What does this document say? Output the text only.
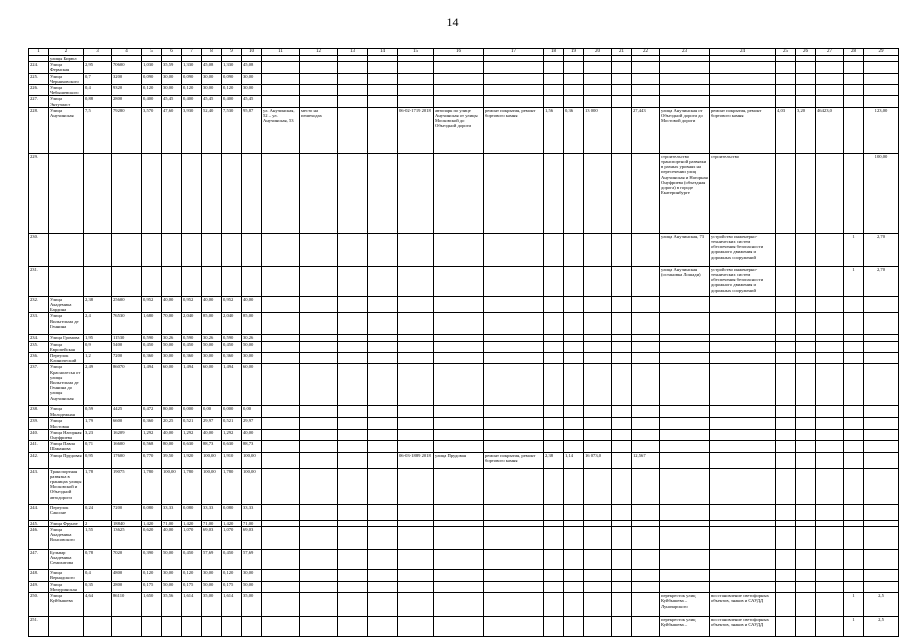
14
1	2	3	4	5	6	7	8	9	10	11	12	13	14	15	16	17	18	19	20	21	22	23	24	25	26	27	28	29
	улицы Бирюл																											
224.	Улица Фермская	2,95	70600	1,030	35,59	1,330	45,08	1,330	45,08																			
225.	Улица Черняховского	0,7	3200	0,090	30,00	0,090	30,00	0,090	30,00																			
226.	Улица Чебышевского	0,4	9320	0,120	30,00	0,120	30,00	0,120	30,00																			
227.	Улица Энтузиаст	0,88	2800	0,400	45,45	0,400	45,45	0,400	45,45																			
228.	Улица Анучинская	7,5	79280	3,570	47,60	3,930	52,40	7,530	95,87	ул. Анучинская, 52 – ул. Анучинская, 53	место на пешеходах			06-02-1719 2018	автопарк по улице Анучинская от улицы Московской до Объездной дороги	ремонт покрытия, ремонт бортового камня	1,56	0,36	13 000		27,443	улица Анучинская от Объездной дороги до Мостовой дороги	ремонт покрытия, ремонт бортового камня	4,03	3,20	46423,0		123,00
229.																						строительство транспортной развязки в разных уровнях на пересечении улиц Анучинская и Нагорная Онуфриева (объездная дорога) в городе Екатеринбурге	строительство					100,00
230.																						улица Анучинская, 73	устройство инженерно-технических систем обеспечения безопасности дорожного движения и дорожных сооружений				1	2,70
231.																						улица Анучинская (остановка Лошади)	устройство инженерно-технических систем обеспечения безопасности дорожного движения и дорожных сооружений				1	2,70
232.	Улица Академика Бардина	2,38	25600	0,952	40,00	0,952	40,00	0,952	40,00																			
233.	Улица Вильгельма де Геннина	2,4	76530	1,680	70,00	2,040	85,00	2,040	85,00																			
234.	Улица Громова	1,95	11530	0,590	30,26	0,590	30,26	0,590	30,26																			
235.	Улица Европейская	0,9	5400	0,450	50,00	0,450	50,00	0,450	50,00																			
236.	Переулок Клинический	1,2	7200	0,360	30,00	0,360	30,00	0,360	30,00																			
237.	Улица Краснолесья от улицы Вильгельма де Геннина до улицы Анучинская	2,49	86070	1,494	60,00	1,494	60,00	1,494	60,00																			
238.	Улица Молодежная	0,59	4425	0,472	80,00	0,000	0,00	0,000	0,00																			
239.	Улица Мостовая	1,79	6600	0,360	20,25	0,521	29,97	0,521	29,97																			
240.	Улица Нагорная Онуфриева	3,23	16209	1,292	40,00	1,292	40,00	1,292	40,00																			
241.	Улица Павла Шаманова	0,71	16600	0,568	80,00	0,630	88,73	0,630	88,73																			
242.	Улица Прудовая	0,95	17600	0,770	39,50	1,920	100,00	1,910	100,00					06-03-1889 2018	улица Прудовая	ремонт покрытия, ремонт бортового камня	2,38	1,14	16 073,0		12,567							
243.	Транспортная развязка в границах улицы Московской и Объездной автодороги	1,78	19075	1,780	100,00	1,780	100,00	1,780	100,00																			
244.	Переулок Саксоне	0,24	7200	0,080	33,33	0,080	33,33	0,080	33,33																			
245.	Улица Фрунзе	2	18840	1,420	71,00	1,420	71,00	1,420	71,00																			
246.	Улица Академика Вонсовского	1,55	13625	0,620	40,00	1,070	69,03	1,070	69,03																			
247.	Бульвар Академика Семихатова	0,78	7020	0,390	50,00	0,450	57,69	0,450	57,69																			
248.	Улица Вернадского	0,4	4800	0,120	30,00	0,120	30,00	0,120	30,00																			
249.	Улица Мичуринская	0,35	2800	0,175	50,00	0,175	50,00	0,175	50,00																			
250.	Улица Куйбышева	4,64	86110	1,650	35,56	1,614	35,00	1,614	35,00													перекресток улиц Куйбышева – Луначарского	восстановление светофорных объектов, знаков и САУДД				1	2,5
251.																						перекресток улиц Куйбышева –	восстановление светофорных объектов, знаков и САУДД				1	2,5
